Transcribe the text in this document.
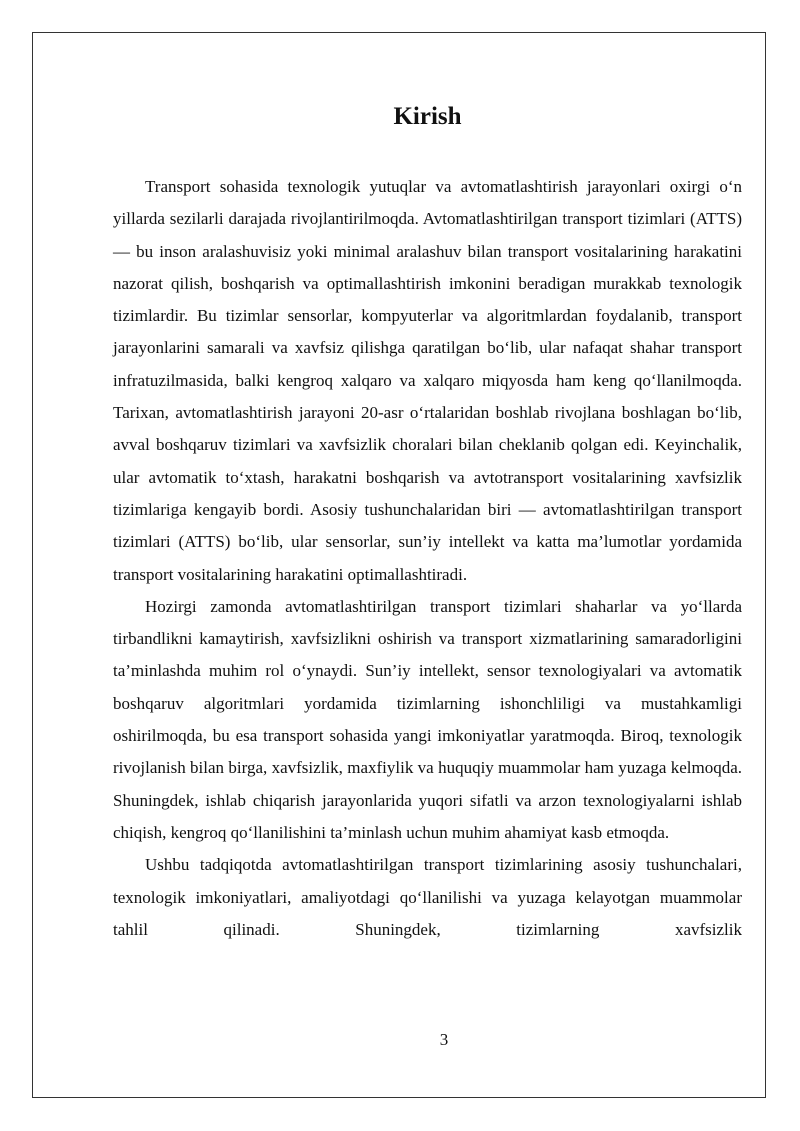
Kirish

Transport sohasida texnologik yutuqlar va avtomatlashtirish jarayonlari oxirgi o‘n yillarda sezilarli darajada rivojlantirilmoqda. Avtomatlashtirilgan transport tizimlari (ATTS) — bu inson aralashuvisiz yoki minimal aralashuv bilan transport vositalarining harakatini nazorat qilish, boshqarish va optimallashtirish imkonini beradigan murakkab texnologik tizimlardir. Bu tizimlar sensorlar, kompyuterlar va algoritmlardan foydalanib, transport jarayonlarini samarali va xavfsiz qilishga qaratilgan bo‘lib, ular nafaqat shahar transport infratuzilmasida, balki kengroq xalqaro va xalqaro miqyosda ham keng qo‘llanilmoqda. Tarixan, avtomatlashtirish jarayoni 20-asr o‘rtalaridan boshlab rivojlana boshlagan bo‘lib, avval boshqaruv tizimlari va xavfsizlik choralari bilan cheklanib qolgan edi. Keyinchalik, ular avtomatik to‘xtash, harakatni boshqarish va avtotransport vositalarining xavfsizlik tizimlariga kengayib bordi. Asosiy tushunchalaridan biri — avtomatlashtirilgan transport tizimlari (ATTS) bo‘lib, ular sensorlar, sun’iy intellekt va katta ma’lumotlar yordamida transport vositalarining harakatini optimallashtiradi.

Hozirgi zamonda avtomatlashtirilgan transport tizimlari shaharlar va yo‘llarda tirbandlikni kamaytirish, xavfsizlikni oshirish va transport xizmatlarining samaradorligini ta’minlashda muhim rol o‘ynaydi. Sun’iy intellekt, sensor texnologiyalari va avtomatik boshqaruv algoritmlari yordamida tizimlarning ishonchliligi va mustahkamligi oshirilmoqda, bu esa transport sohasida yangi imkoniyatlar yaratmoqda. Biroq, texnologik rivojlanish bilan birga, xavfsizlik, maxfiylik va huquqiy muammolar ham yuzaga kelmoqda. Shuningdek, ishlab chiqarish jarayonlarida yuqori sifatli va arzon texnologiyalarni ishlab chiqish, kengroq qo‘llanilishini ta’minlash uchun muhim ahamiyat kasb etmoqda.

Ushbu tadqiqotda avtomatlashtirilgan transport tizimlarining asosiy tushunchalari, texnologik imkoniyatlari, amaliyotdagi qo‘llanilishi va yuzaga kelayotgan muammolar tahlil qilinadi. Shuningdek, tizimlarning xavfsizlik

3
